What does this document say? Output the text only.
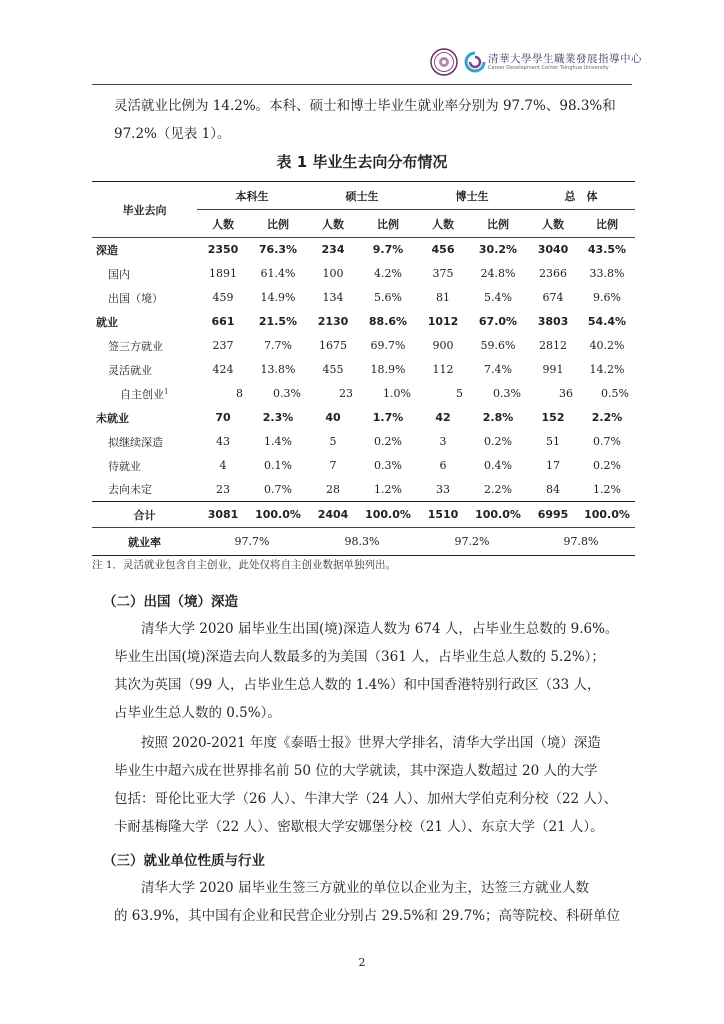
清華大學學生職業發展指導中心
Career Development Center Tsinghua University
灵活就业比例为 14.2%。本科、硕士和博士毕业生就业率分别为 97.7%、98.3%和
97.2%（见表 1）。
表 1 毕业生去向分布情况
毕业去向	本科生		硕士生		博士生		总　体	
	人数	比例	人数	比例	人数	比例	人数	比例
深造	2350	76.3%	234	9.7%	456	30.2%	3040	43.5%
国内	1891	61.4%	100	4.2%	375	24.8%	2366	33.8%
出国（境）	459	14.9%	134	5.6%	81	5.4%	674	9.6%
就业	661	21.5%	2130	88.6%	1012	67.0%	3803	54.4%
签三方就业	237	7.7%	1675	69.7%	900	59.6%	2812	40.2%
灵活就业	424	13.8%	455	18.9%	112	7.4%	991	14.2%
自主创业$^1$	8	0.3%	23	1.0%	5	0.3%	36	0.5%
未就业	70	2.3%	40	1.7%	42	2.8%	152	2.2%
拟继续深造	43	1.4%	5	0.2%	3	0.2%	51	0.7%
待就业	4	0.1%	7	0.3%	6	0.4%	17	0.2%
去向未定	23	0.7%	28	1.2%	33	2.2%	84	1.2%
合计	3081	100.0%	2404	100.0%	1510	100.0%	6995	100.0%
就业率	97.7%		98.3%		97.2%		97.8%	
注 1．灵活就业包含自主创业，此处仅将自主创业数据单独列出。
（二）出国（境）深造
清华大学 2020 届毕业生出国(境)深造人数为 674 人，占毕业生总数的 9.6%。
毕业生出国(境)深造去向人数最多的为美国（361 人，占毕业生总人数的 5.2%）；
其次为英国（99 人，占毕业生总人数的 1.4%）和中国香港特别行政区（33 人，
占毕业生总人数的 0.5%）。
按照 2020-2021 年度《泰晤士报》世界大学排名，清华大学出国（境）深造
毕业生中超六成在世界排名前 50 位的大学就读，其中深造人数超过 20 人的大学
包括：哥伦比亚大学（26 人）、牛津大学（24 人）、加州大学伯克利分校（22 人）、
卡耐基梅隆大学（22 人）、密歇根大学安娜堡分校（21 人）、东京大学（21 人）。
（三）就业单位性质与行业
清华大学 2020 届毕业生签三方就业的单位以企业为主，达签三方就业人数
的 63.9%，其中国有企业和民营企业分别占 29.5%和 29.7%；高等院校、科研单位
2
